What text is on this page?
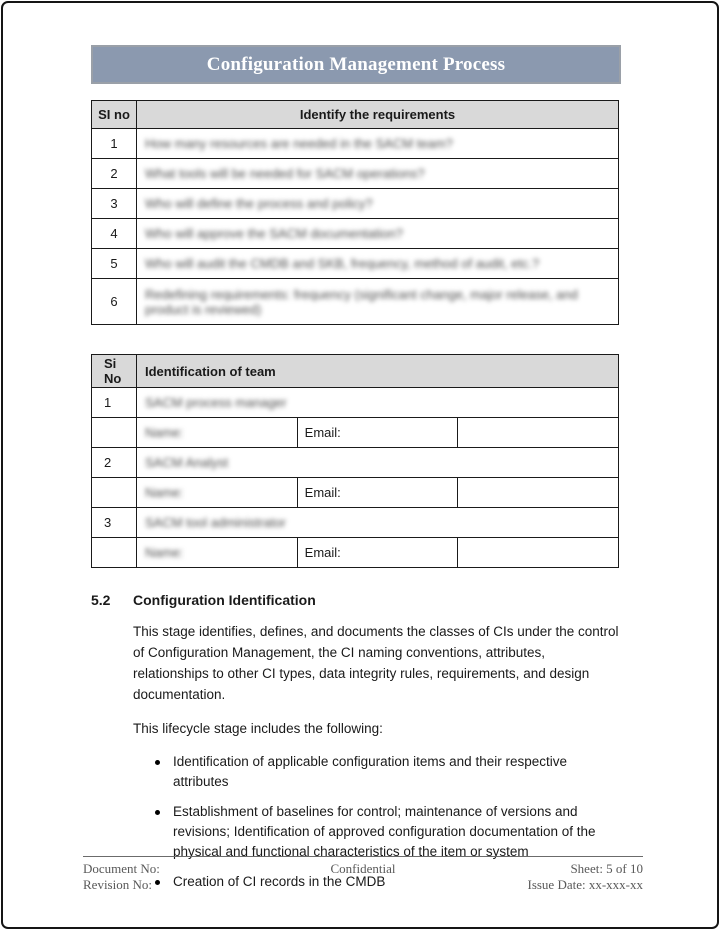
Configuration Management Process
SI no	Identify the requirements
1	How many resources are needed in the SACM team?
2	What tools will be needed for SACM operations?
3	Who will define the process and policy?
4	Who will approve the SACM documentation?
5	Who will audit the CMDB and SKB, frequency, method of audit, etc.?
6	Redefining requirements: frequency (significant change, major release, and product is reviewed)
Si No	Identification of team		
1	SACM process manager		
	Name:	Email:	
2	SACM Analyst		
	Name:	Email:	
3	SACM tool administrator		
	Name:	Email:	
5.2	Configuration Identification

This stage identifies, defines, and documents the classes of CIs under the control of Configuration Management, the CI naming conventions, attributes, relationships to other CI types, data integrity rules, requirements, and design documentation.

This lifecycle stage includes the following:

Identification of applicable configuration items and their respective attributes
Establishment of baselines for control; maintenance of versions and revisions; Identification of approved configuration documentation of the physical and functional characteristics of the item or system
Creation of CI records in the CMDB
Document No:
Revision No:
Confidential	Sheet: 5 of 10
Issue Date: xx-xxx-xx
